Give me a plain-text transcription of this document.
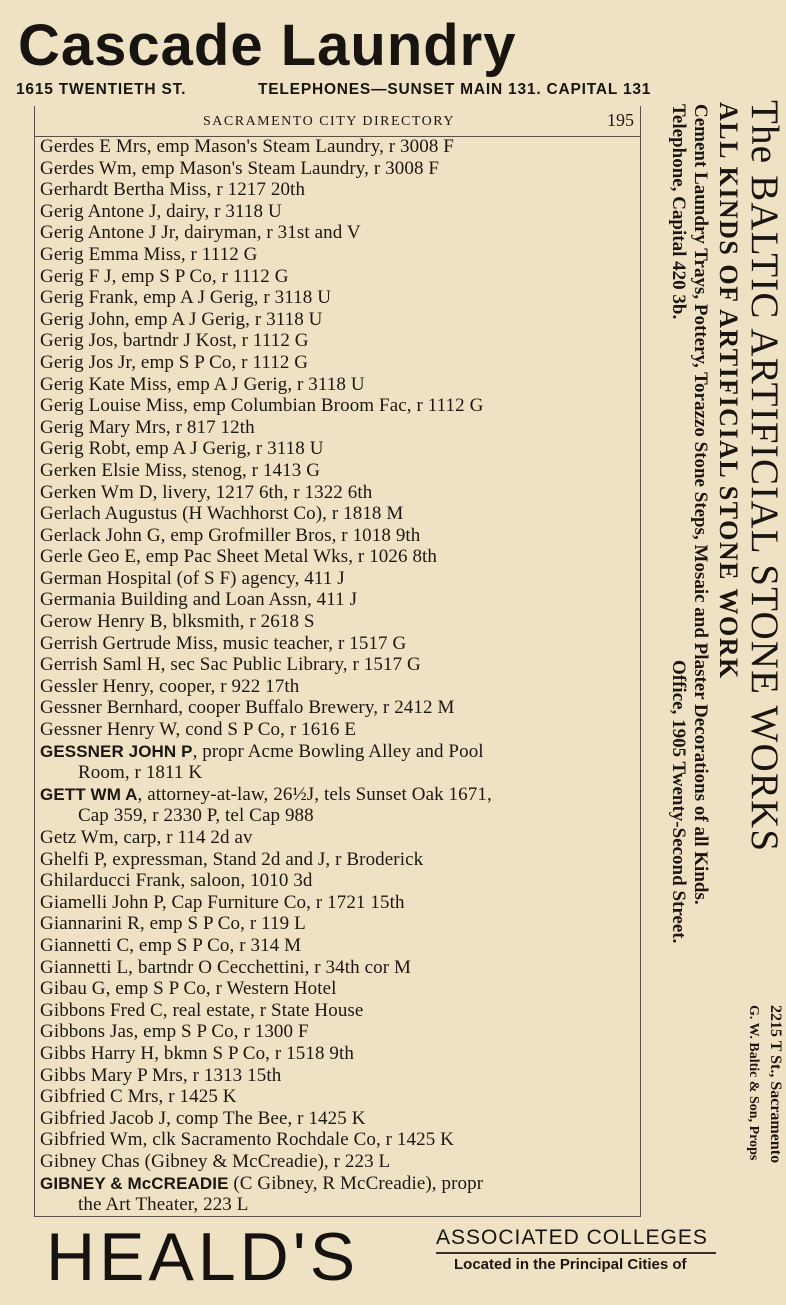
Cascade Laundry
1615 TWENTIETH ST.	TELEPHONES—SUNSET MAIN 131. CAPITAL 131
SACRAMENTO CITY DIRECTORY	195
Gerdes E Mrs, emp Mason's Steam Laundry, r 3008 F
Gerdes Wm, emp Mason's Steam Laundry, r 3008 F
Gerhardt Bertha Miss, r 1217 20th
Gerig Antone J, dairy, r 3118 U
Gerig Antone J Jr, dairyman, r 31st and V
Gerig Emma Miss, r 1112 G
Gerig F J, emp S P Co, r 1112 G
Gerig Frank, emp A J Gerig, r 3118 U
Gerig John, emp A J Gerig, r 3118 U
Gerig Jos, bartndr J Kost, r 1112 G
Gerig Jos Jr, emp S P Co, r 1112 G
Gerig Kate Miss, emp A J Gerig, r 3118 U
Gerig Louise Miss, emp Columbian Broom Fac, r 1112 G
Gerig Mary Mrs, r 817 12th
Gerig Robt, emp A J Gerig, r 3118 U
Gerken Elsie Miss, stenog, r 1413 G
Gerken Wm D, livery, 1217 6th, r 1322 6th
Gerlach Augustus (H Wachhorst Co), r 1818 M
Gerlack John G, emp Grofmiller Bros, r 1018 9th
Gerle Geo E, emp Pac Sheet Metal Wks, r 1026 8th
German Hospital (of S F) agency, 411 J
Germania Building and Loan Assn, 411 J
Gerow Henry B, blksmith, r 2618 S
Gerrish Gertrude Miss, music teacher, r 1517 G
Gerrish Saml H, sec Sac Public Library, r 1517 G
Gessler Henry, cooper, r 922 17th
Gessner Bernhard, cooper Buffalo Brewery, r 2412 M
Gessner Henry W, cond S P Co, r 1616 E
GESSNER JOHN P, propr Acme Bowling Alley and Pool
Room, r 1811 K
GETT WM A, attorney-at-law, 26½J, tels Sunset Oak 1671,
Cap 359, r 2330 P, tel Cap 988
Getz Wm, carp, r 114 2d av
Ghelfi P, expressman, Stand 2d and J, r Broderick
Ghilarducci Frank, saloon, 1010 3d
Giamelli John P, Cap Furniture Co, r 1721 15th
Giannarini R, emp S P Co, r 119 L
Giannetti C, emp S P Co, r 314 M
Giannetti L, bartndr O Cecchettini, r 34th cor M
Gibau G, emp S P Co, r Western Hotel
Gibbons Fred C, real estate, r State House
Gibbons Jas, emp S P Co, r 1300 F
Gibbs Harry H, bkmn S P Co, r 1518 9th
Gibbs Mary P Mrs, r 1313 15th
Gibfried C Mrs, r 1425 K
Gibfried Jacob J, comp The Bee, r 1425 K
Gibfried Wm, clk Sacramento Rochdale Co, r 1425 K
Gibney Chas (Gibney & McCreadie), r 223 L
GIBNEY & McCREADIE (C Gibney, R McCreadie), propr
the Art Theater, 223 L
The BALTIC ARTIFICIAL STONE WORKS
ALL KINDS OF ARTIFICIAL STONE WORK
Cement Laundry Trays, Pottery, Torazzo Stone Steps, Mosaic and Plaster Decorations of all Kinds.
Telephone, Capital 420 3b.
Office, 1905 Twenty-Second Street.
2215 T St., Sacramento
G. W. Baltic & Son, Props
HEALD'S	ASSOCIATED COLLEGES
Located in the Principal Cities of
